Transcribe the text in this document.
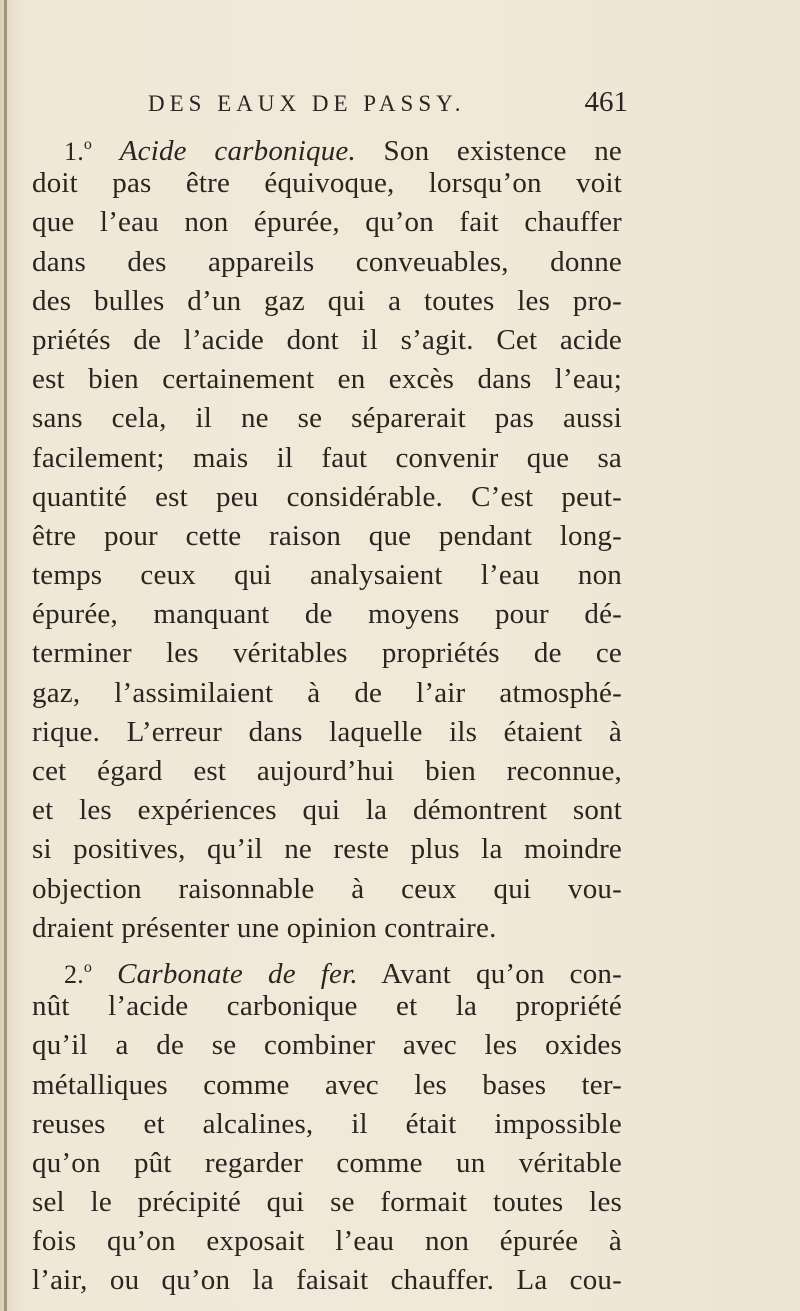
DES EAUX DE PASSY.	461
1.$^o$ Acide carbonique. Son existence ne
doit pas être équivoque, lorsqu’on voit
que l’eau non épurée, qu’on fait chauffer
dans des appareils conveuables, donne
des bulles d’un gaz qui a toutes les pro-
priétés de l’acide dont il s’agit. Cet acide
est bien certainement en excès dans l’eau;
sans cela, il ne se séparerait pas aussi
facilement; mais il faut convenir que sa
quantité est peu considérable. C’est peut-
être pour cette raison que pendant long-
temps ceux qui analysaient l’eau non
épurée, manquant de moyens pour dé-
terminer les véritables propriétés de ce
gaz, l’assimilaient à de l’air atmosphé-
rique. L’erreur dans laquelle ils étaient à
cet égard est aujourd’hui bien reconnue,
et les expériences qui la démontrent sont
si positives, qu’il ne reste plus la moindre
objection raisonnable à ceux qui vou-
draient présenter une opinion contraire.
2.$^o$ Carbonate de fer. Avant qu’on con-
nût l’acide carbonique et la propriété
qu’il a de se combiner avec les oxides
métalliques comme avec les bases ter-
reuses et alcalines, il était impossible
qu’on pût regarder comme un véritable
sel le précipité qui se formait toutes les
fois qu’on exposait l’eau non épurée à
l’air, ou qu’on la faisait chauffer. La cou-
